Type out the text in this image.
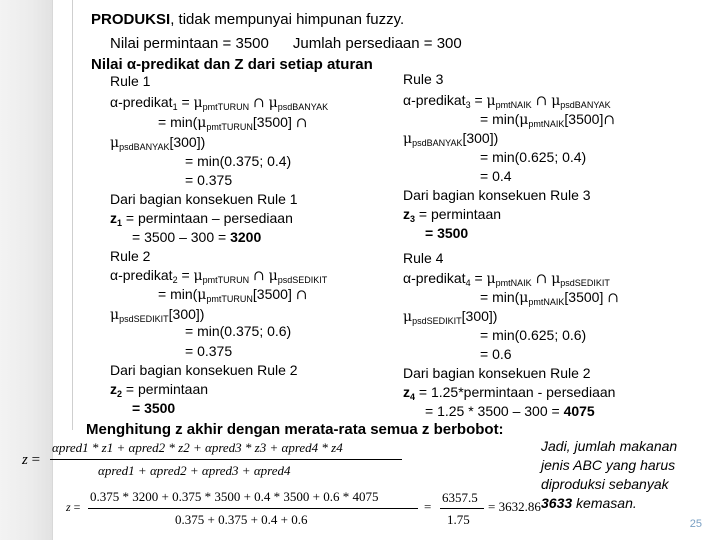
PRODUKSI, tidak mempunyai himpunan fuzzy.
Nilai permintaan = 3500 Jumlah persediaan = 300
Nilai α-predikat dan Z dari setiap aturan
Rule 1
α-predikat$_1$ = $\mu_{pmtTURUN}$ ∩ $\mu_{psdBANYAK}$
= $\min(\mu_{pmtTURUN}[3500]$ ∩
$\mu_{psdBANYAK}[300]$)
= min(0.375; 0.4)
= 0.375
Dari bagian konsekuen Rule 1
$z_1$ = permintaan – persediaan
= 3500 – 300 = 3200
Rule 2
α-predikat$_2$ = $\mu_{pmtTURUN}$ ∩ $\mu_{psdSEDIKIT}$
= $\min(\mu_{pmtTURUN}[3500]$ ∩
$\mu_{psdSEDIKIT}[300]$)
= min(0.375; 0.6)
= 0.375
Dari bagian konsekuen Rule 2
$z_2$ = permintaan
= 3500
Rule 3
α-predikat$_3$ = $\mu_{pmtNAIK}$ ∩ $\mu_{psdBANYAK}$
= $\min(\mu_{pmtNAIK}[3500]\cap$
$\mu_{psdBANYAK}[300]$)
= min(0.625; 0.4)
= 0.4
Dari bagian konsekuen Rule 3
$z_3$ = permintaan
= 3500
Rule 4
α-predikat$_4$ = $\mu_{pmtNAIK}$ ∩ $\mu_{psdSEDIKIT}$
= $\min(\mu_{pmtNAIK}[3500]$ ∩
$\mu_{psdSEDIKIT}[300]$)
= min(0.625; 0.6)
= 0.6
Dari bagian konsekuen Rule 2
$z_4$ = 1.25*permintaan - persediaan
= 1.25 * 3500 – 300 = 4075
Menghitung z akhir dengan merata-rata semua z berbobot:
z =
αpred1 * z1 + αpred2 * z2 + αpred3 * z3 + αpred4 * z4
αpred1 + αpred2 + αpred3 + αpred4
z =
0.375 * 3200 + 0.375 * 3500 + 0.4 * 3500 + 0.6 * 4075
0.375 + 0.375 + 0.4 + 0.6
=
6357.5
1.75
= 3632.86
Jadi, jumlah makanan
jenis ABC yang harus
diproduksi sebanyak
3633 kemasan.
25
